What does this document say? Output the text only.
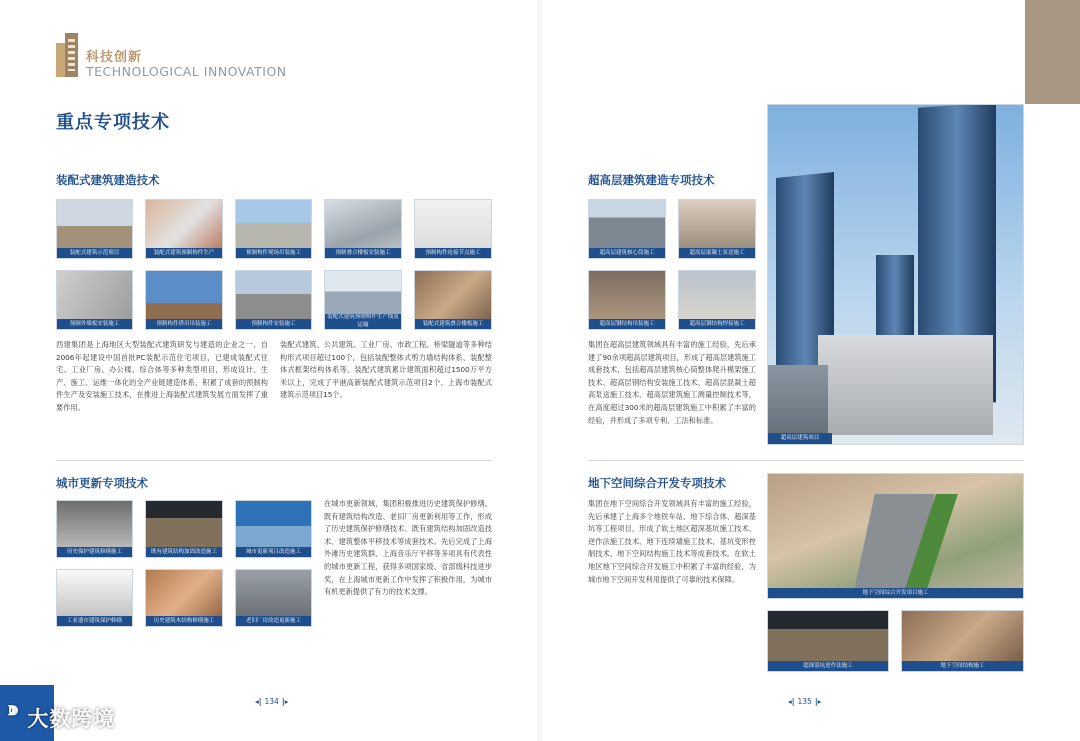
科技创新
TECHNOLOGICAL INNOVATION
重点专项技术
装配式建筑建造技术
装配式建筑示范项目	装配式建筑预制构件生产	预制构件现场吊装施工	预制叠合楼板安装施工	预制构件连接节点施工
预制外墙板安装施工	预制构件塔吊吊装施工	预制构件安装施工
装配式建筑预制构件生产线及运输	装配式建筑叠合楼板施工
西建集团是上海地区大型装配式建筑研发与建造的企业之一，自2006年起建设中国首批PC装配示范住宅项目，已建成装配式住宅、工业厂房、办公楼、综合体等多种类型项目，形成设计、生产、施工、运维一体化的全产业链建造体系，积累了成套的预制构件生产及安装施工技术，在推进上海装配式建筑发展方面发挥了重要作用。
装配式建筑、公共建筑、工业厂房、市政工程、桥梁隧道等多种结构形式项目超过100个，包括装配整体式剪力墙结构体系、装配整体式框架结构体系等。装配式建筑累计建筑面积超过1500万平方米以上，完成了平港高新装配式建筑示范项目2个、上海市装配式建筑示范项目15个。
城市更新专项技术
历史保护建筑修缮施工	既有建筑结构加固改造施工	城市更新项目改造施工
工业遗存建筑保护修缮	历史建筑木结构修缮施工	老旧厂房改造更新施工
在城市更新领域，集团积极推进历史建筑保护修缮、既有建筑结构改造、老旧厂房更新利用等工作，形成了历史建筑保护修缮技术、既有建筑结构加固改造技术、建筑整体平移技术等成套技术。先后完成了上海外滩历史建筑群、上海音乐厅平移等多项具有代表性的城市更新工程，获得多项国家级、省部级科技进步奖，在上海城市更新工作中发挥了积极作用，为城市有机更新提供了有力的技术支撑。
超高层建筑建造专项技术
超高层建筑核心筒施工	超高层混凝土泵送施工
超高层钢结构吊装施工	超高层钢结构焊接施工
集团在超高层建筑领域具有丰富的施工经验，先后承建了90余项超高层建筑项目，形成了超高层建筑施工成套技术，包括超高层建筑核心筒整体爬升模架施工技术、超高层钢结构安装施工技术、超高层混凝土超高泵送施工技术、超高层建筑施工测量控制技术等，在高度超过300米的超高层建筑施工中积累了丰富的经验，并形成了多项专利、工法和标准。
超高层建筑项目
地下空间综合开发专项技术
集团在地下空间综合开发领域具有丰富的施工经验，先后承建了上海多个地铁车站、地下综合体、超深基坑等工程项目，形成了软土地区超深基坑施工技术、逆作法施工技术、地下连续墙施工技术、基坑变形控制技术、地下空间结构施工技术等成套技术。在软土地区地下空间综合开发施工中积累了丰富的经验，为城市地下空间开发利用提供了可靠的技术保障。
地下空间综合开发项目施工
超深基坑逆作法施工	地下空间结构施工
◂| 134 |▸	◂| 135 |▸
$^ↇ$ 大数跨境
